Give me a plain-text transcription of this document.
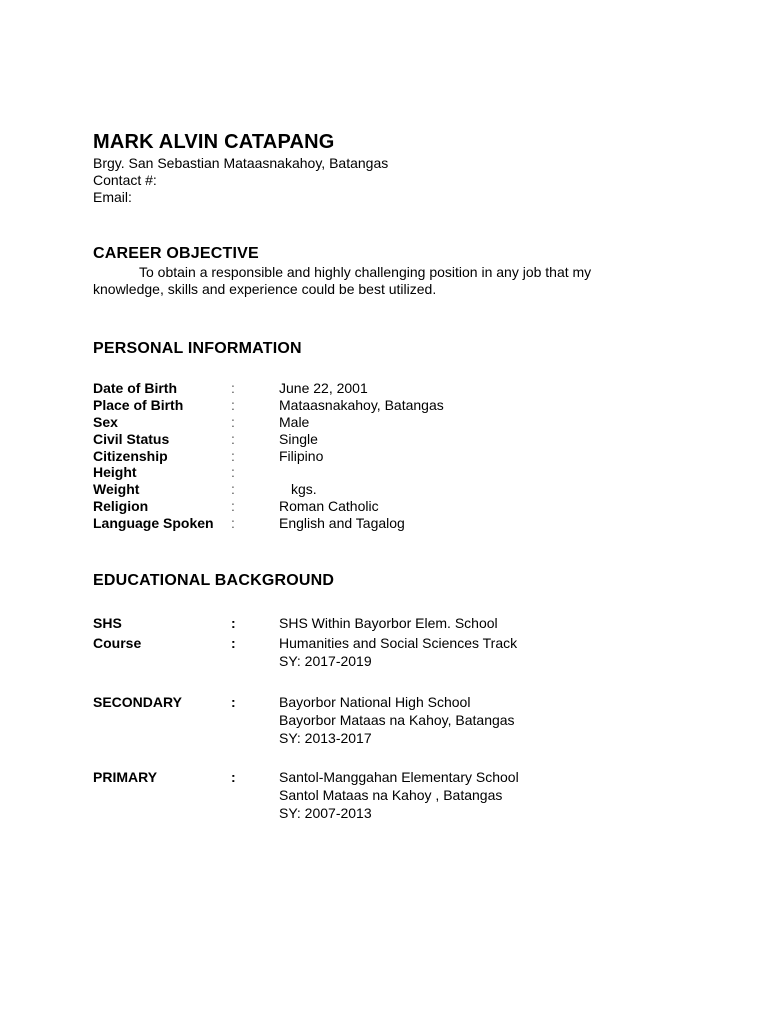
MARK ALVIN CATAPANG
Brgy. San Sebastian Mataasnakahoy, Batangas
Contact #:
Email:
CAREER OBJECTIVE
To obtain a responsible and highly challenging position in any job that my knowledge, skills and experience could be best utilized.
PERSONAL INFORMATION
Date of Birth	:	June 22, 2001
Place of Birth	:	Mataasnakahoy, Batangas
Sex	:	Male
Civil Status	:	Single
Citizenship	:	Filipino
Height	:
Weight	:	kgs.
Religion	:	Roman Catholic
Language Spoken :	English and Tagalog
EDUCATIONAL BACKGROUND
SHS	:	SHS Within Bayorbor Elem. School
Course	:	Humanities and Social Sciences Track
SY: 2017-2019
SECONDARY	:	Bayorbor National High School
Bayorbor Mataas na Kahoy, Batangas
SY: 2013-2017
PRIMARY	:	Santol-Manggahan Elementary School
Santol Mataas na Kahoy , Batangas
SY: 2007-2013
